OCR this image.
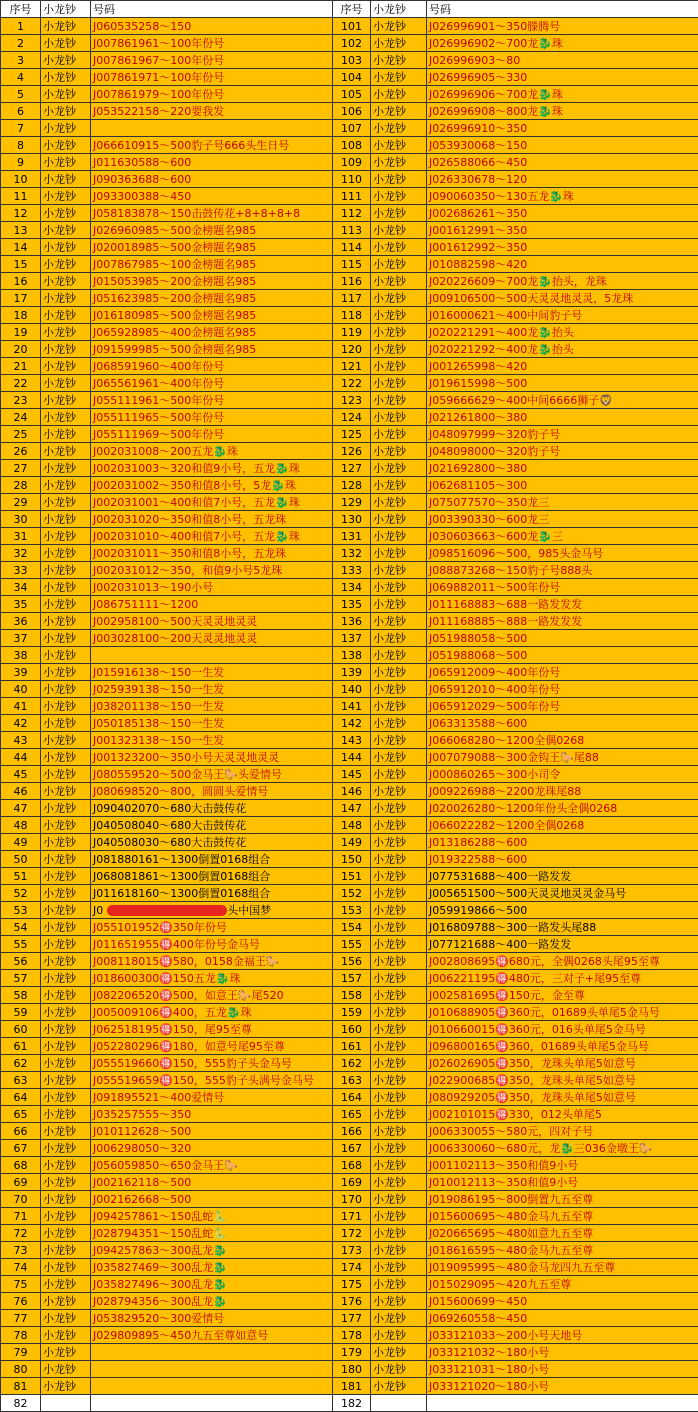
序号	小龙钞	号码	序号	小龙钞	号码
1	小龙钞	J060535258～150	101	小龙钞	J026996901～350滕腾号
2	小龙钞	J007861961～100年份号	102	小龙钞	J026996902～700龙🐉珠
3	小龙钞	J007861967～100年份号	103	小龙钞	J026996903～80
4	小龙钞	J007861971～100年份号	104	小龙钞	J026996905～330
5	小龙钞	J007861979～100年份号	105	小龙钞	J026996906～700龙🐉珠
6	小龙钞	J053522158～220要我发	106	小龙钞	J026996908～800龙🐉珠
7	小龙钞		107	小龙钞	J026996910～350
8	小龙钞	J066610915～500豹子号666头生日号	108	小龙钞	J053930068～150
9	小龙钞	J011630588～600	109	小龙钞	J026588066～450
10	小龙钞	J090363688～600	110	小龙钞	J026330678～120
11	小龙钞	J093300388～450	111	小龙钞	J090060350～130五龙🐉珠
12	小龙钞	J058183878～150击鼓传花+8+8+8+8	112	小龙钞	J002686261～350
13	小龙钞	J026960985～500金榜题名985	113	小龙钞	J001612991～350
14	小龙钞	J020018985～500金榜题名985	114	小龙钞	J001612992～350
15	小龙钞	J007867985～100金榜题名985	115	小龙钞	J010882598～420
16	小龙钞	J015053985～200金榜题名985	116	小龙钞	J020226609～700龙🐉抬头，龙珠
17	小龙钞	J051623985～200金榜题名985	117	小龙钞	J009106500～500天灵灵地灵灵，5龙珠
18	小龙钞	J016180985～500金榜题名985	118	小龙钞	J016000621～400中间豹子号
19	小龙钞	J065928985～400金榜题名985	119	小龙钞	J020221291～400龙🐉抬头
20	小龙钞	J091599985～500金榜题名985	120	小龙钞	J020221292～400龙🐉抬头
21	小龙钞	J068591960～400年份号	121	小龙钞	J001265998～420
22	小龙钞	J065561961～400年份号	122	小龙钞	J019615998～500
23	小龙钞	J055111961～500年份号	123	小龙钞	J059666629～400中间6666狮子🦁
24	小龙钞	J055111965～500年份号	124	小龙钞	J021261800～380
25	小龙钞	J055111969～500年份号	125	小龙钞	J048097999～320豹子号
26	小龙钞	J002031008～200五龙🐉珠	126	小龙钞	J048098000～320豹子号
27	小龙钞	J002031003～320和值9小号，五龙🐉珠	127	小龙钞	J021692800～380
28	小龙钞	J002031002～350和值8小号，5龙🐉珠	128	小龙钞	J062681105～300
29	小龙钞	J002031001～400和值7小号，五龙🐉珠	129	小龙钞	J075077570～350龙三
30	小龙钞	J002031020～350和值8小号，五龙珠	130	小龙钞	J003390330～600龙三
31	小龙钞	J002031010～400和值7小号，五龙🐉珠	131	小龙钞	J030603663～600龙🐉三
32	小龙钞	J002031011～350和值8小号，五龙珠	132	小龙钞	J098516096～500，985头金马号
33	小龙钞	J002031012～350，和值9小号5龙珠	133	小龙钞	J088873268～150豹子号888头
34	小龙钞	J002031013～190小号	134	小龙钞	J069882011～500年份号
35	小龙钞	J086751111～1200	135	小龙钞	J011168883～688一路发发发
36	小龙钞	J002958100～500天灵灵地灵灵	136	小龙钞	J011168885～888一路发发发
37	小龙钞	J003028100～200天灵灵地灵灵	137	小龙钞	J051988058～500
38	小龙钞		138	小龙钞	J051988068～500
39	小龙钞	J015916138～150一生发	139	小龙钞	J065912009～400年份号
40	小龙钞	J025939138～150一生发	140	小龙钞	J065912010～400年份号
41	小龙钞	J038201138～150一生发	141	小龙钞	J065912029～500年份号
42	小龙钞	J050185138～150一生发	142	小龙钞	J063313588～600
43	小龙钞	J001323138～150一生发	143	小龙钞	J066068280～1200全偶0268
44	小龙钞	J001323200～350小号天灵灵地灵灵	144	小龙钞	J007079088～300金钩王🐎尾88
45	小龙钞	J080559520～500金马王🐎头爱情号	145	小龙钞	J000860265～300小司令
46	小龙钞	J080698520～800，圆圆头爱情号	146	小龙钞	J009226988～2200龙珠尾88
47	小龙钞	J090402070～680大击鼓传花	147	小龙钞	J020026280～1200年份头全偶0268
48	小龙钞	J040508040～680大击鼓传花	148	小龙钞	J066022282～1200全偶0268
49	小龙钞	J040508030～680大击鼓传花	149	小龙钞	J013186288～600
50	小龙钞	J081880161～1300倒置0168组合	150	小龙钞	J019322588～600
51	小龙钞	J068081861～1300倒置0168组合	151	小龙钞	J077531688～400一路发发
52	小龙钞	J011618160～1300倒置0168组合	152	小龙钞	J005651500～500天灵灵地灵灵金马号
53	小龙钞	J0 头中国梦	153	小龙钞	J059919866～500
54	小龙钞	J055101952🉐350年份号	154	小龙钞	J016809788～300一路发头尾88
55	小龙钞	J011651955🉐400年份号金马号	155	小龙钞	J077121688～400一路发发
56	小龙钞	J008118015🉐580，0158金福王🐎	156	小龙钞	J002808695🉐680元，全偶0268头尾95至尊
57	小龙钞	J018600300🉐150五龙🐉珠	157	小龙钞	J006221195🉐480元，三对子+尾95至尊
58	小龙钞	J082206520🉐500，如意王🐎尾520	158	小龙钞	J002581695🉐150元，金至尊
59	小龙钞	J005009106🉐400，五龙🐉珠	159	小龙钞	J010688905🉐360元，01689头单尾5金马号
60	小龙钞	J062518195🉐150，尾95至尊	160	小龙钞	J010660015🉐360元，016头单尾5金马号
61	小龙钞	J052280296🉐180，如意号尾95至尊	161	小龙钞	J096800165🉐360，01689头单尾5金马号
62	小龙钞	J055519660🉐150，555豹子头金马号	162	小龙钞	J026026905🉐350，龙珠头单尾5如意号
63	小龙钞	J055519659🉐150，555豹子头满号金马号	163	小龙钞	J022900685🉐350，龙珠头单尾5如意号
64	小龙钞	J091895521～400爱情号	164	小龙钞	J080929205🉐350，龙珠头单尾5如意号
65	小龙钞	J035257555～350	165	小龙钞	J002101015🉐330，012头单尾5
66	小龙钞	J010112628～500	166	小龙钞	J006330055～580元，四对子号
67	小龙钞	J006298050～320	167	小龙钞	J006330060～680元，龙🐉三036金墩王🐎
68	小龙钞	J056059850～650金马王🐎	168	小龙钞	J001102113～350和值9小号
69	小龙钞	J002162118～500	169	小龙钞	J010012113～350和值9小号
70	小龙钞	J002162668～500	170	小龙钞	J019086195～800倒置九五至尊
71	小龙钞	J094257861～150乱蛇🐍	171	小龙钞	J015600695～480金马九五至尊
72	小龙钞	J028794351～150乱蛇🐍	172	小龙钞	J020665695～480如意九五至尊
73	小龙钞	J094257863～300乱龙🐉	173	小龙钞	J018616595～480金马九五至尊
74	小龙钞	J035827469～300乱龙🐉	174	小龙钞	J019095995～480金马龙四九五至尊
75	小龙钞	J035827496～300乱龙🐉	175	小龙钞	J015029095～420九五至尊
76	小龙钞	J028794356～300乱龙🐉	176	小龙钞	J015600699～450
77	小龙钞	J053829520～300爱情号	177	小龙钞	J069260558～450
78	小龙钞	J029809895～450九五至尊如意号	178	小龙钞	J033121033～200小号天地号
79	小龙钞		179	小龙钞	J033121032～180小号
80	小龙钞		180	小龙钞	J033121031～180小号
81	小龙钞		181	小龙钞	J033121020～180小号
82			182		
